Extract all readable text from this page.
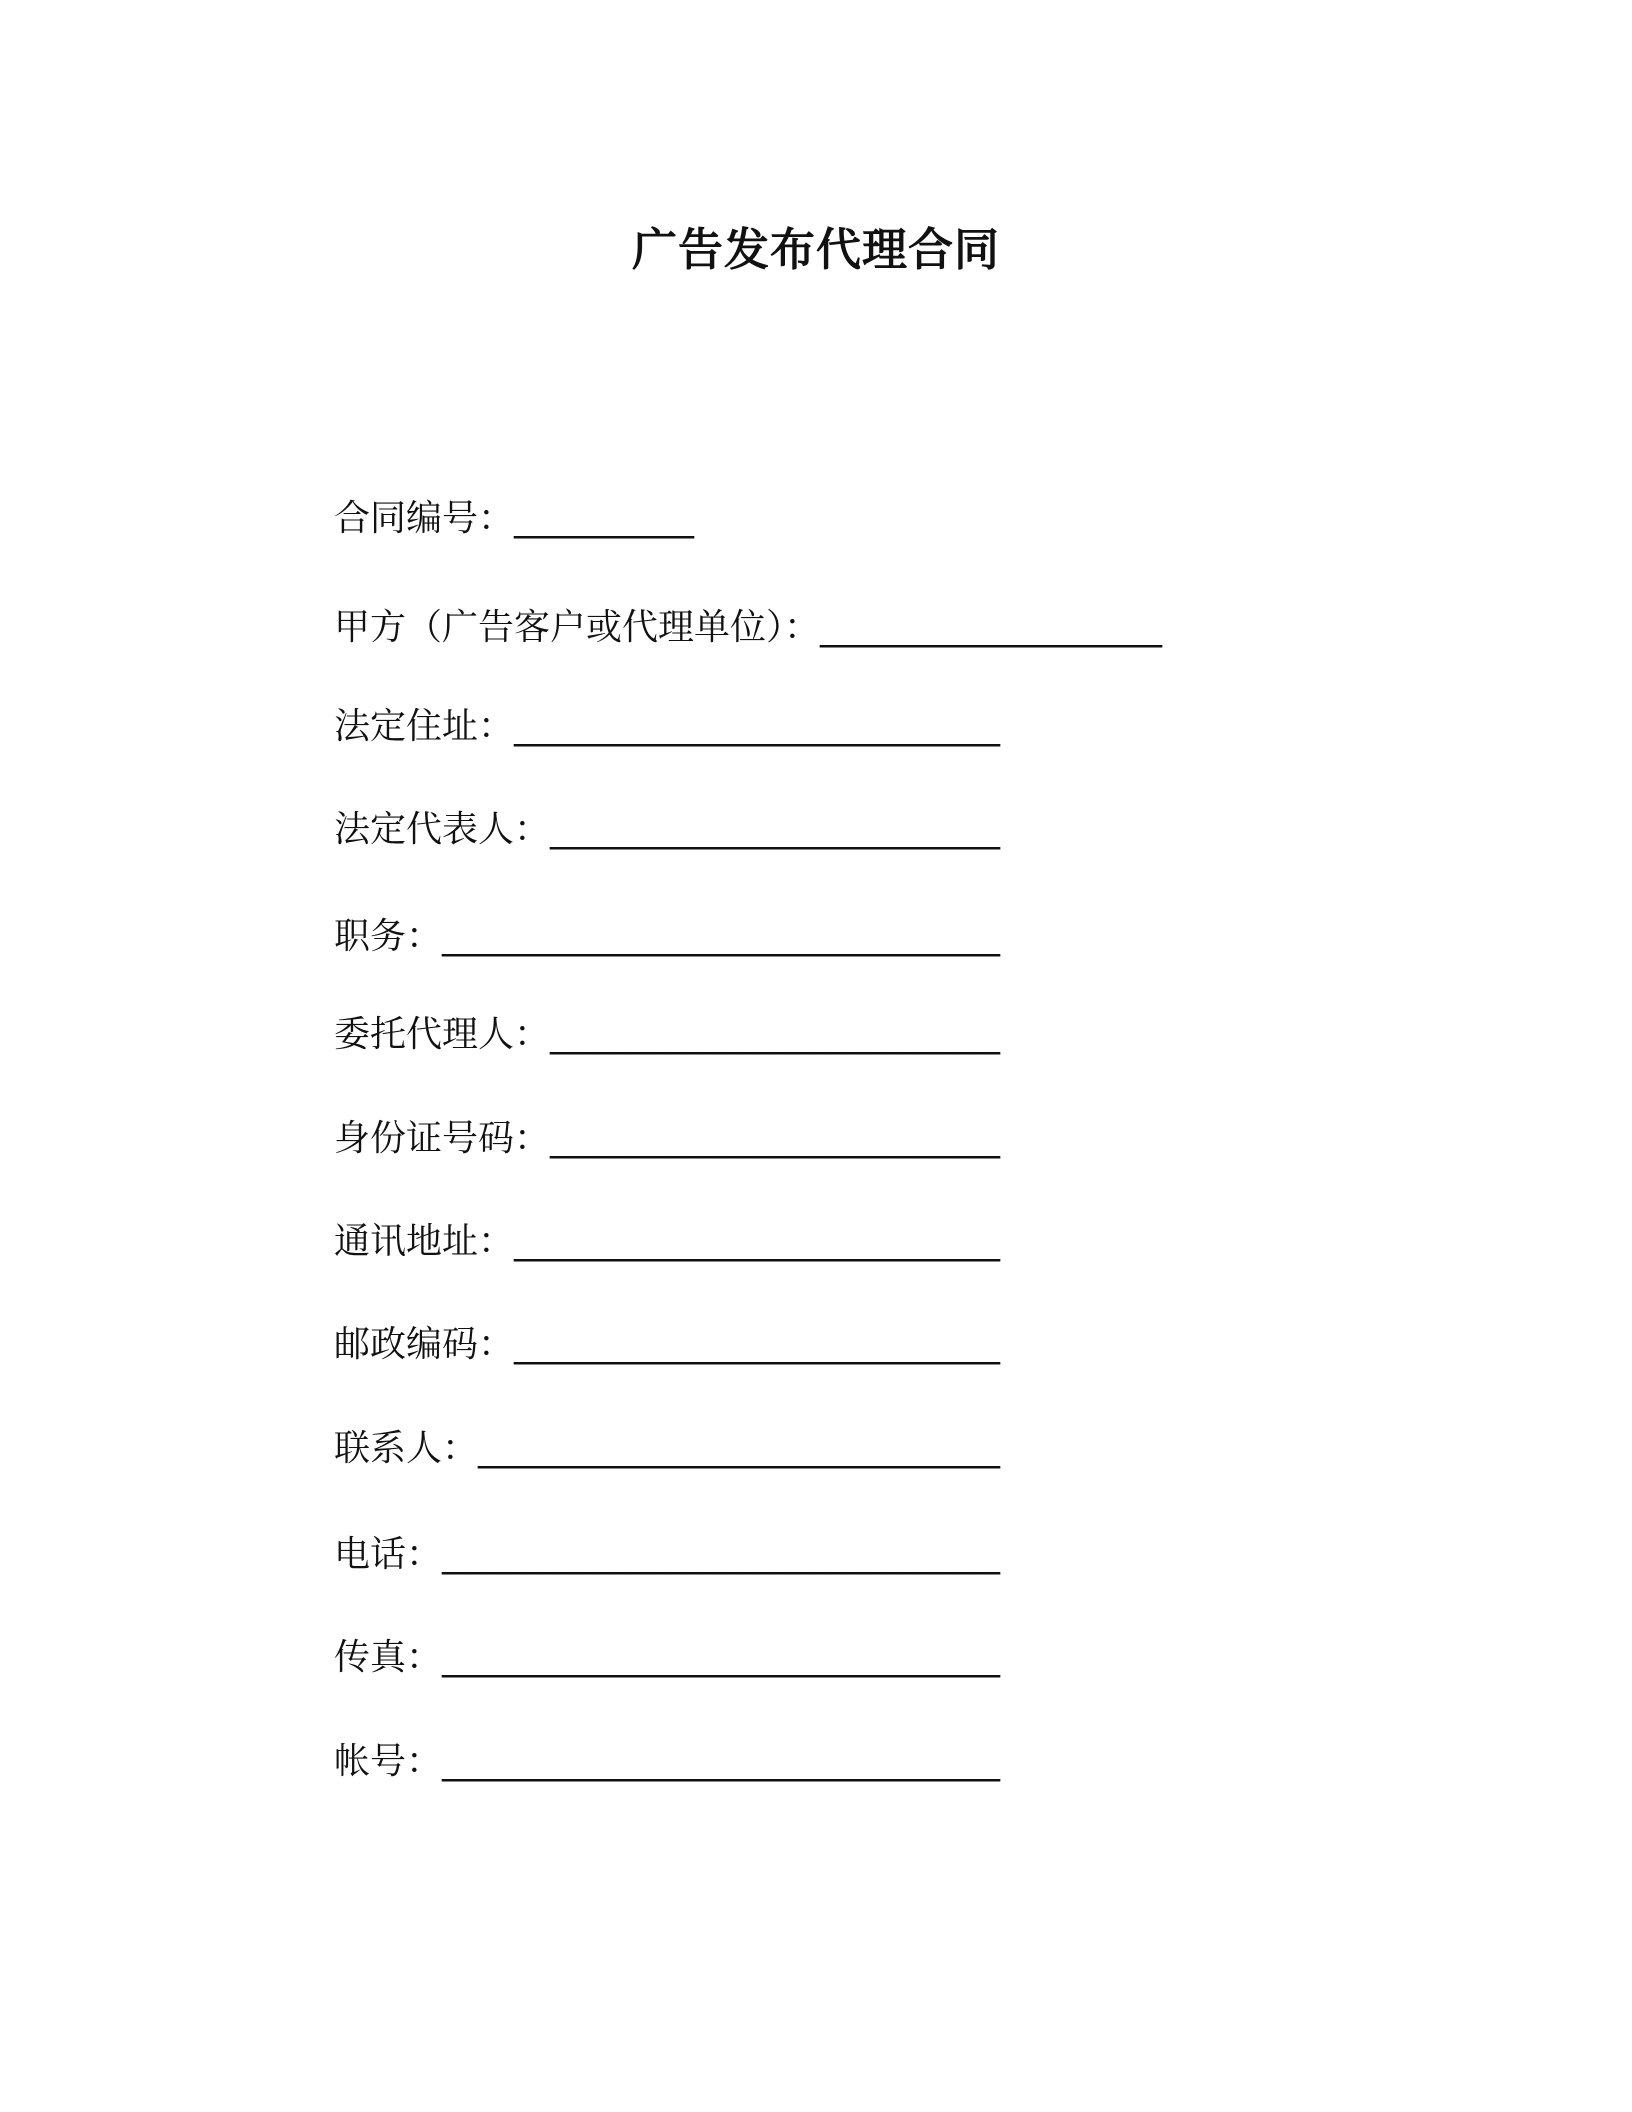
广告发布代理合同
合同编号：__________
甲方（广告客户或代理单位）：___________________
法定住址：___________________________
法定代表人：_________________________
职务：_______________________________
委托代理人：_________________________
身份证号码：_________________________
通讯地址：___________________________
邮政编码：___________________________
联系人：_____________________________
电话：_______________________________
传真：_______________________________
帐号：_______________________________
